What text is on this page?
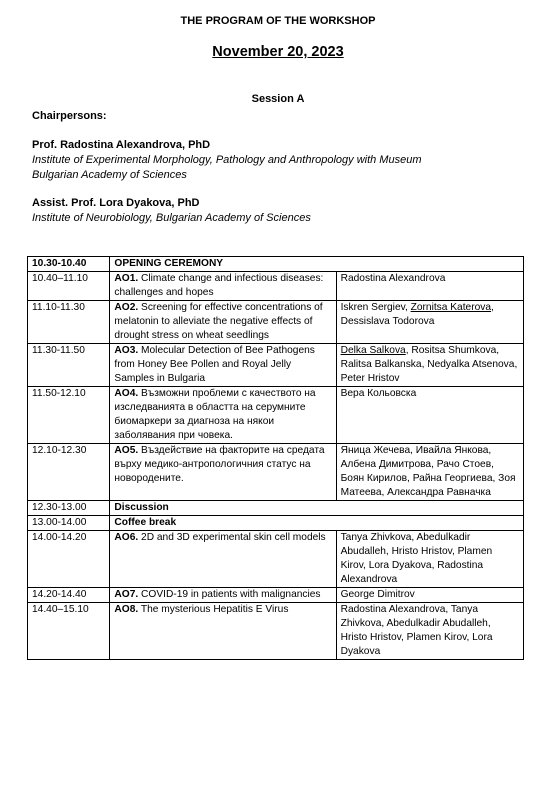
THE PROGRAM OF THE WORKSHOP
November 20, 2023
Session A
Chairpersons:
Prof. Radostina Alexandrova, PhD
Institute of Experimental Morphology, Pathology and Anthropology with Museum
Bulgarian Academy of Sciences
Assist. Prof. Lora Dyakova, PhD
Institute of Neurobiology, Bulgarian Academy of Sciences
10.30-10.40	OPENING CEREMONY	
10.40–11.10	AO1. Climate change and infectious diseases: challenges and hopes	Radostina Alexandrova
11.10-11.30	AO2. Screening for effective concentrations of melatonin to alleviate the negative effects of drought stress on wheat seedlings	Iskren Sergiev, Zornitsa Katerova, Dessislava Todorova
11.30-11.50	AO3. Molecular Detection of Bee Pathogens from Honey Bee Pollen and Royal Jelly Samples in Bulgaria	Delka Salkova, Rositsa Shumkova, Ralitsa Balkanska, Nedyalka Atsenova, Peter Hristov
11.50-12.10	AO4. Възможни проблеми с качеството на изследванията в областта на серумните биомаркери за диагноза на някои заболявания при човека.	Вера Кольовска
12.10-12.30	AO5. Въздействие на факторите на средата върху медико-антропологичния статус на новородените.	Яница Жечева, Ивайла Янкова, Албена Димитрова, Рачо Стоев, Боян Кирилов, Райна Георгиева, Зоя Матеева, Александра Равначка
12.30-13.00	Discussion	
13.00-14.00	Coffee break	
14.00-14.20	AO6. 2D and 3D experimental skin cell models	Tanya Zhivkova, Abedulkadir Abudalleh, Hristo Hristov, Plamen Kirov, Lora Dyakova, Radostina Alexandrova
14.20-14.40	AO7. COVID-19 in patients with malignancies	George Dimitrov
14.40–15.10	AO8. The mysterious Hepatitis E Virus	Radostina Alexandrova, Tanya Zhivkova, Abedulkadir Abudalleh, Hristo Hristov, Plamen Kirov, Lora Dyakova
